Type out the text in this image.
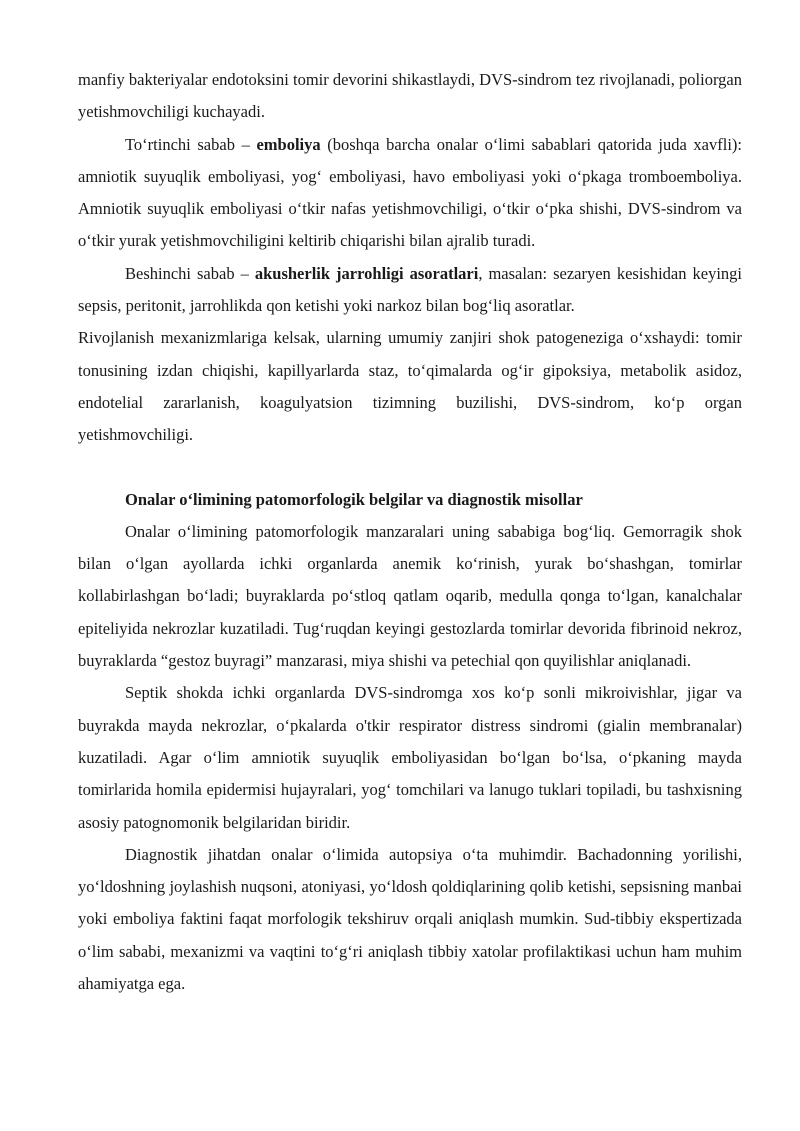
manfiy bakteriyalar endotoksini tomir devorini shikastlaydi, DVS-sindrom tez rivojlanadi, poliorgan yetishmovchiligi kuchayadi.

To‘rtinchi sabab – emboliya (boshqa barcha onalar o‘limi sabablari qatorida juda xavfli): amniotik suyuqlik emboliyasi, yog‘ emboliyasi, havo emboliyasi yoki o‘pkaga tromboemboliya. Amniotik suyuqlik emboliyasi o‘tkir nafas yetishmovchiligi, o‘tkir o‘pka shishi, DVS-sindrom va o‘tkir yurak yetishmovchiligini keltirib chiqarishi bilan ajralib turadi.

Beshinchi sabab – akusherlik jarrohligi asoratlari, masalan: sezaryen kesishidan keyingi sepsis, peritonit, jarrohlikda qon ketishi yoki narkoz bilan bog‘liq asoratlar.

Rivojlanish mexanizmlariga kelsak, ularning umumiy zanjiri shok patogeneziga o‘xshaydi: tomir tonusining izdan chiqishi, kapillyarlarda staz, to‘qimalarda og‘ir gipoksiya, metabolik asidoz, endotelial zararlanish, koagulyatsion tizimning buzilishi, DVS-sindrom, ko‘p organ yetishmovchiligi.

Onalar o‘limining patomorfologik belgilar va diagnostik misollar

Onalar o‘limining patomorfologik manzaralari uning sababiga bog‘liq. Gemorragik shok bilan o‘lgan ayollarda ichki organlarda anemik ko‘rinish, yurak bo‘shashgan, tomirlar kollabirlashgan bo‘ladi; buyraklarda po‘stloq qatlam oqarib, medulla qonga to‘lgan, kanalchalar epiteliyida nekrozlar kuzatiladi. Tug‘ruqdan keyingi gestozlarda tomirlar devorida fibrinoid nekroz, buyraklarda “gestoz buyragi” manzarasi, miya shishi va petechial qon quyilishlar aniqlanadi.

Septik shokda ichki organlarda DVS-sindromga xos ko‘p sonli mikroivishlar, jigar va buyrakda mayda nekrozlar, o‘pkalarda o'tkir respirator distress sindromi (gialin membranalar) kuzatiladi. Agar o‘lim amniotik suyuqlik emboliyasidan bo‘lgan bo‘lsa, o‘pkaning mayda tomirlarida homila epidermisi hujayralari, yog‘ tomchilari va lanugo tuklari topiladi, bu tashxisning asosiy patognomonik belgilaridan biridir.

Diagnostik jihatdan onalar o‘limida autopsiya o‘ta muhimdir. Bachadonning yorilishi, yo‘ldoshning joylashish nuqsoni, atoniyasi, yo‘ldosh qoldiqlarining qolib ketishi, sepsisning manbai yoki emboliya faktini faqat morfologik tekshiruv orqali aniqlash mumkin. Sud-tibbiy ekspertizada o‘lim sababi, mexanizmi va vaqtini to‘g‘ri aniqlash tibbiy xatolar profilaktikasi uchun ham muhim ahamiyatga ega.
